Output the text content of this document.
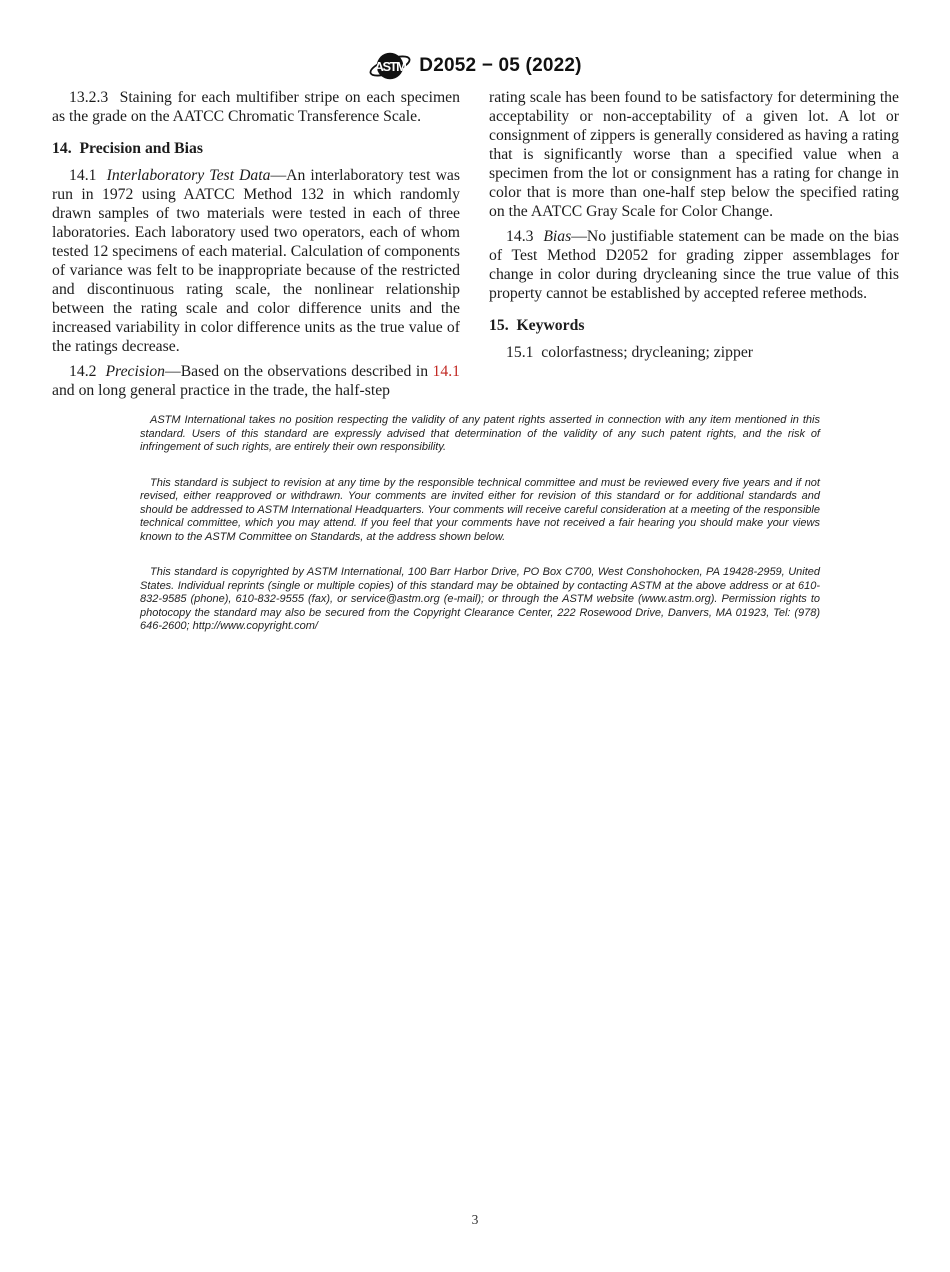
ASTM D2052 − 05 (2022)
13.2.3  Staining for each multifiber stripe on each specimen as the grade on the AATCC Chromatic Transference Scale.
14.  Precision and Bias
14.1  Interlaboratory Test Data—An interlaboratory test was run in 1972 using AATCC Method 132 in which randomly drawn samples of two materials were tested in each of three laboratories. Each laboratory used two operators, each of whom tested 12 specimens of each material. Calculation of components of variance was felt to be inappropriate because of the restricted and discontinuous rating scale, the nonlinear relationship between the rating scale and color difference units and the increased variability in color difference units as the true value of the ratings decrease.
14.2  Precision—Based on the observations described in 14.1 and on long general practice in the trade, the half-step
rating scale has been found to be satisfactory for determining the acceptability or non-acceptability of a given lot. A lot or consignment of zippers is generally considered as having a rating that is significantly worse than a specified value when a specimen from the lot or consignment has a rating for change in color that is more than one-half step below the specified rating on the AATCC Gray Scale for Color Change.
14.3  Bias—No justifiable statement can be made on the bias of Test Method D2052 for grading zipper assemblages for change in color during drycleaning since the true value of this property cannot be established by accepted referee methods.
15.  Keywords
15.1  colorfastness; drycleaning; zipper

ASTM International takes no position respecting the validity of any patent rights asserted in connection with any item mentioned in this standard. Users of this standard are expressly advised that determination of the validity of any such patent rights, and the risk of infringement of such rights, are entirely their own responsibility.

This standard is subject to revision at any time by the responsible technical committee and must be reviewed every five years and if not revised, either reapproved or withdrawn. Your comments are invited either for revision of this standard or for additional standards and should be addressed to ASTM International Headquarters. Your comments will receive careful consideration at a meeting of the responsible technical committee, which you may attend. If you feel that your comments have not received a fair hearing you should make your views known to the ASTM Committee on Standards, at the address shown below.

This standard is copyrighted by ASTM International, 100 Barr Harbor Drive, PO Box C700, West Conshohocken, PA 19428-2959, United States. Individual reprints (single or multiple copies) of this standard may be obtained by contacting ASTM at the above address or at 610-832-9585 (phone), 610-832-9555 (fax), or service@astm.org (e-mail); or through the ASTM website (www.astm.org). Permission rights to photocopy the standard may also be secured from the Copyright Clearance Center, 222 Rosewood Drive, Danvers, MA 01923, Tel: (978) 646-2600; http://www.copyright.com/

3
